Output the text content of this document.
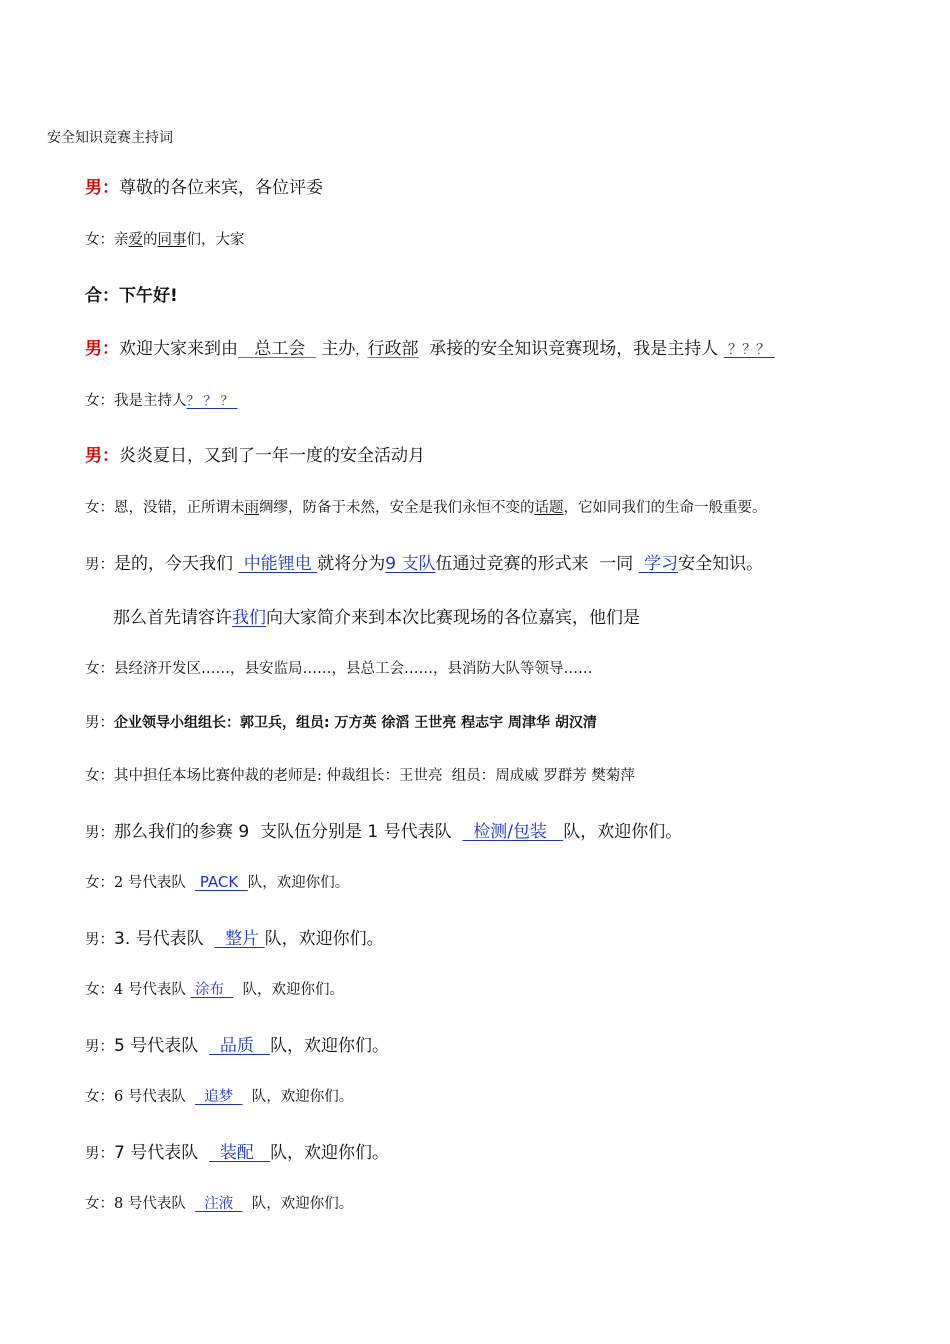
安全知识竞赛主持词
男：尊敬的各位来宾，各位评委
女：亲爱的同事们，大家
合：下午好!
男：欢迎大家来到由   总工会   主办，行政部  承接的安全知识竞赛现场，我是主持人  ？？？
女：我是主持人？？？
男：炎炎夏日，又到了一年一度的安全活动月
女：恩，没错，正所谓未雨绸缪，防备于未然，安全是我们永恒不变的话题，它如同我们的生命一般重要。
男：是的，今天我们  中能锂电 就将分为9 支队伍通过竞赛的形式来  一同  学习安全知识。
那么首先请容许我们向大家简介来到本次比赛现场的各位嘉宾，他们是
女：县经济开发区……，县安监局……，县总工会……，县消防大队等领导……
男：企业领导小组组长：郭卫兵，组员: 万方英 徐滔 王世亮 程志宇 周津华 胡汉清
女：其中担任本场比赛仲裁的老师是: 仲裁组长：王世亮  组员：周成威 罗群芳 樊菊萍
男：那么我们的参赛 9  支队伍分别是 1 号代表队    检测/包装   队，欢迎你们。
女：2 号代表队   PACK  队，欢迎你们。
男：3. 号代表队    整片 队，欢迎你们。
女：4 号代表队  涂布    队，欢迎你们。
男：5 号代表队    品质   队，欢迎你们。
女：6 号代表队    追梦    队，欢迎你们。
男：7 号代表队    装配   队，欢迎你们。
女：8 号代表队    注液    队，欢迎你们。
